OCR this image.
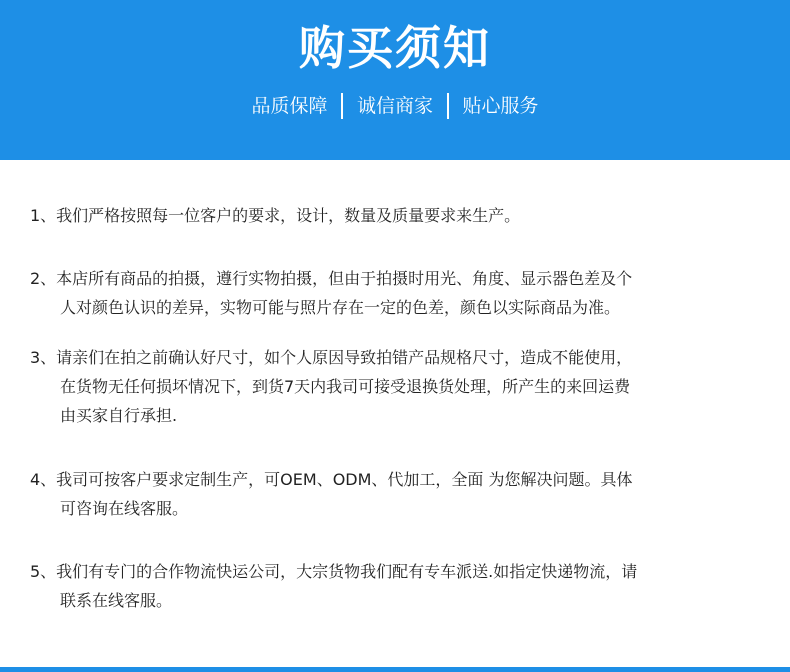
购买须知
品质保障 诚信商家 贴心服务
1、我们严格按照每一位客户的要求，设计，数量及质量要求来生产。
2、本店所有商品的拍摄，遵行实物拍摄，但由于拍摄时用光、角度、显示器色差及个
人对颜色认识的差异，实物可能与照片存在一定的色差，颜色以实际商品为准。
3、请亲们在拍之前确认好尺寸，如个人原因导致拍错产品规格尺寸，造成不能使用，
在货物无任何损坏情况下，到货7天内我司可接受退换货处理，所产生的来回运费
由买家自行承担.
4、我司可按客户要求定制生产，可OEM、ODM、代加工，全面 为您解决问题。具体
可咨询在线客服。
5、我们有专门的合作物流快运公司，大宗货物我们配有专车派送.如指定快递物流，请
联系在线客服。
